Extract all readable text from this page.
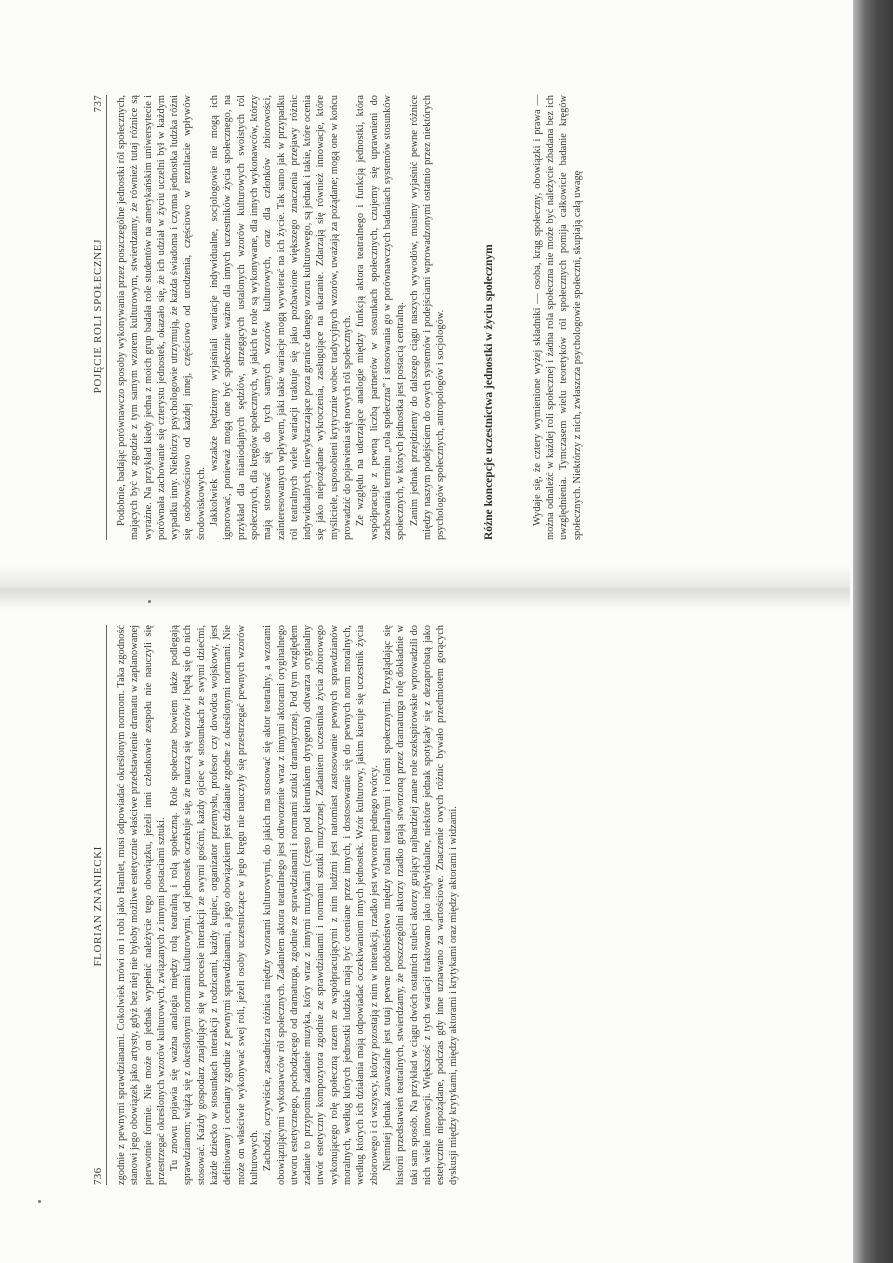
736
FLORIAN ZNANIECKI zgodnie z pewnymi sprawdzianami. Cokolwiek mówi on i robi jako Hamlet, musi odpowiadać określonym normom. Taka zgodność stanowi jego obowiązek jako artysty, gdyż bez niej nie byłoby możliwe estetycznie właściwe przedstawienie dramatu w zaplanowanej pierwotnie formie. Nie może on jednak wypełnić należycie tego obowiązku, jeżeli inni członkowie zespołu nie nauczyli się przestrzegać określonych wzorów kulturowych, związanych z innymi postaciami sztuki. Tu znowu pojawia się ważna analogia między rolą teatralną i rolą społeczną. Role społeczne bowiem także podlegają sprawdzianom; wiążą się z określonymi normami kulturowymi, od jednostek oczekuje się, że nauczą się wzorów i będą się do nich stosować. Każdy gospodarz znajdujący się w procesie interakcji ze swymi gośćmi, każdy ojciec w stosunkach ze swymi dziećmi, każde dziecko w stosunkach interakcji z rodzicami, każdy kupiec, organizator przemysłu, profesor czy dowódca wojskowy, jest definiowany i oceniany zgodnie z pewnymi sprawdzianami, a jego obowiązkiem jest działanie zgodne z określonymi normami. Nie może on właściwie wykonywać swej roli, jeżeli osoby uczestniczące w jego kręgu nie nauczyły się przestrzegać pewnych wzorów kulturowych. Zachodzi, oczywiście, zasadnicza różnica między wzorami kulturowymi, do jakich ma stosować się aktor teatralny, a wzorami obowiązującymi wykonawców ról społecznych. Zadaniem aktora teatralnego jest odtworzenie wraz z innymi aktorami oryginalnego utworu estetycznego, pochodzącego od dramaturga, zgodnie ze sprawdzianami i normami sztuki dramatycznej. Pod tym względem zadanie to przypomina zadanie muzyka, który wraz z innymi muzykami (często pod kierunkiem dyrygenta) odtwarza oryginalny utwór estetyczny kompozytora zgodnie ze sprawdzianami i normami sztuki muzycznej. Zadaniem uczestnika życia zbiorowego wykonującego rolę społeczną razem ze współpracującymi z nim ludźmi jest natomiast zastosowanie pewnych sprawdzianów moralnych, według których jednostki ludzkie mają być oceniane przez innych, i dostosowanie się do pewnych norm moralnych, według których ich działania mają odpowiadać oczekiwaniom innych jednostek. Wzór kulturowy, jakim kieruje się uczestnik życia zbiorowego i ci wszyscy, którzy pozostają z nim w interakcji, rzadko jest wytworem jednego twórcy. Niemniej jednak zauważalne jest tutaj pewne podobieństwo między rolami teatralnymi i rolami społecznymi. Przyglądając się historii przedstawień teatralnych, stwierdzamy, że poszczególni aktorzy rzadko grają stworzoną przez dramaturga rolę dokładnie w taki sam sposób. Na przykład w ciągu dwóch ostatnich stuleci aktorzy grający najbardziej znane role szekspirowskie wprowadzili do nich wiele innowacji. Większość z tych wariacji traktowano jako indywidualne, niektóre jednak spotykały się z dezaprobatą jako estetycznie niepożądane, podczas gdy inne uznawano za wartościowe. Znaczenie owych różnic bywało przedmiotem gorących dyskusji między krytykami, między aktorami i krytykami oraz między aktorami i widzami.

POJĘCIE ROLI SPOŁECZNEJ
737 Podobnie, badając porównawczo sposoby wykonywania przez poszczególne jednostki ról społecznych, mających być w zgodzie z tym samym wzorem kulturowym, stwierdzamy, że również tutaj różnice są wyraźne. Na przykład kiedy jedna z moich grup badała role studentów na amerykańskim uniwersytecie i porównała zachowanie się czterystu jednostek, okazało się, że ich udział w życiu uczelni był w każdym wypadku inny. Niektórzy psychologowie utrzymują, że każda świadoma i czynna jednostka ludzka różni się osobowościowo od każdej innej, częściowo od urodzenia, częściowo w rezultacie wpływów środowiskowych. Jakkolwiek wszakże będziemy wyjaśniali wariacje indywidualne, socjologowie nie mogą ich ignorować, ponieważ mogą one być społecznie ważne dla innych uczestników życia społecznego, na przykład dla nianiodajnych sędziów, strzegących ustalonych wzorów kulturowych swoistych ról społecznych, dla kręgów społecznych, w jakich te role są wykonywane, dla innych wykonawców, którzy mają stosować się do tych samych wzorów kulturowych, oraz dla członków zbiorowości, zainteresowanych wpływem, jaki takie wariacje mogą wywierać na ich życie. Tak samo jak w przypadku ról teatralnych wiele wariacji traktuje się jako pozbawione większego znaczenia przejawy różnic indywidualnych, niewykraczające poza granice danego wzoru kulturowego, są jednak i takie, które ocenia się jako niepożądane wykroczenia, zasługujące na ukaranie. Zdarzają się również innowacje, które myśliciele, usposobieni krytycznie wobec tradycyjnych wzorów, uważają za pożądane; mogą one w końcu prowadzić do pojawienia się nowych ról społecznych. Ze względu na uderzające analogie między funkcją aktora teatralnego i funkcją jednostki, która współpracuje z pewną liczbą partnerów w stosunkach społecznych, czujemy się uprawnieni do zachowania terminu „rola społeczna” i stosowania go w porównawczych badaniach systemów stosunków społecznych, w których jednostka jest postacią centralną. Zanim jednak przejdziemy do dalszego ciągu naszych wywodów, musimy wyjaśnić pewne różnice między naszym podejściem do owych systemów i podejściami wprowadzonymi ostatnio przez niektórych psychologów społecznych, antropologów i socjologów.	Różne koncepcje uczestnictwa jednostki w życiu społecznym	Wydaje się, że cztery wymienione wyżej składniki — osoba, krąg społeczny, obowiązki i prawa — można odnaleźć w każdej roli społecznej i żadna rola społeczna nie może być należycie zbadana bez ich uwzględnienia. Tymczasem wielu teoretyków ról społecznych pomija całkowicie badanie kręgów społecznych. Niektórzy z nich, zwłaszcza psychologowie społeczni, skupiają całą uwagę
